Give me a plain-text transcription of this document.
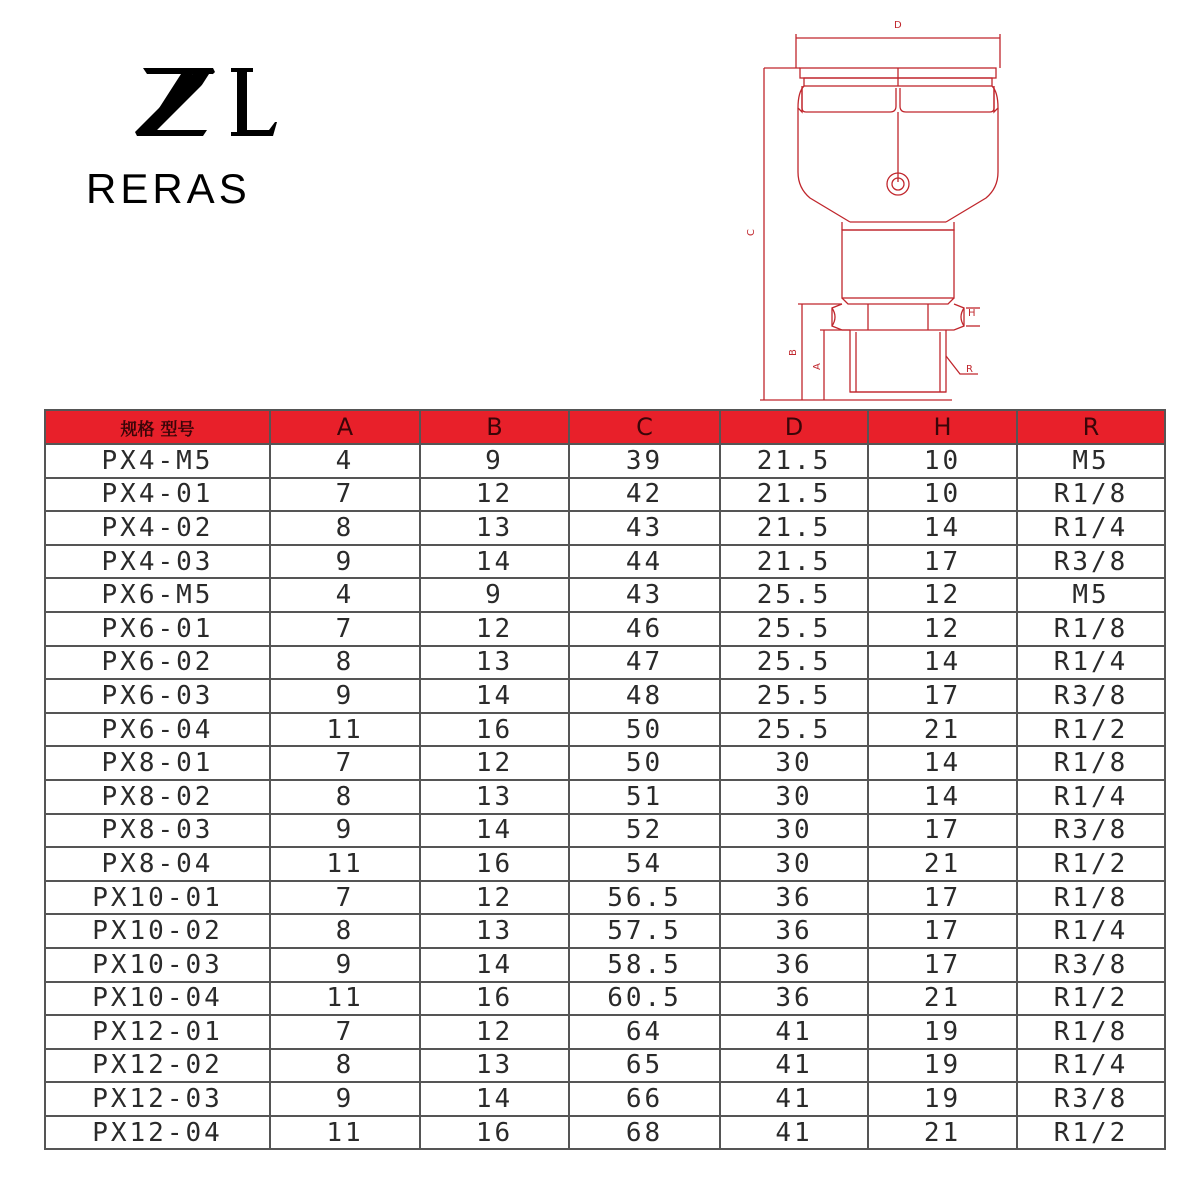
RERAS
D
C
H
R
B
A
规格 型号	A	B	C	D	H	R
PX4-M5	4	9	39	21.5	10	M5
PX4-01	7	12	42	21.5	10	R1/8
PX4-02	8	13	43	21.5	14	R1/4
PX4-03	9	14	44	21.5	17	R3/8
PX6-M5	4	9	43	25.5	12	M5
PX6-01	7	12	46	25.5	12	R1/8
PX6-02	8	13	47	25.5	14	R1/4
PX6-03	9	14	48	25.5	17	R3/8
PX6-04	11	16	50	25.5	21	R1/2
PX8-01	7	12	50	30	14	R1/8
PX8-02	8	13	51	30	14	R1/4
PX8-03	9	14	52	30	17	R3/8
PX8-04	11	16	54	30	21	R1/2
PX10-01	7	12	56.5	36	17	R1/8
PX10-02	8	13	57.5	36	17	R1/4
PX10-03	9	14	58.5	36	17	R3/8
PX10-04	11	16	60.5	36	21	R1/2
PX12-01	7	12	64	41	19	R1/8
PX12-02	8	13	65	41	19	R1/4
PX12-03	9	14	66	41	19	R3/8
PX12-04	11	16	68	41	21	R1/2
